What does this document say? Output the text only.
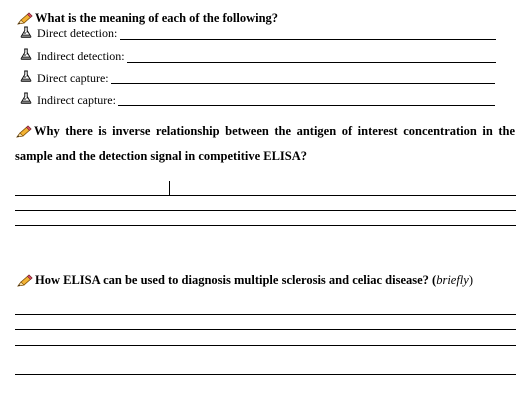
What is the meaning of each of the following?
Direct detection:
Indirect detection:
Direct capture:
Indirect capture:
Why there is inverse relationship between the antigen of interest concentration in the sample and the detection signal in competitive ELISA?
How ELISA can be used to diagnosis multiple sclerosis and celiac disease? (briefly)
